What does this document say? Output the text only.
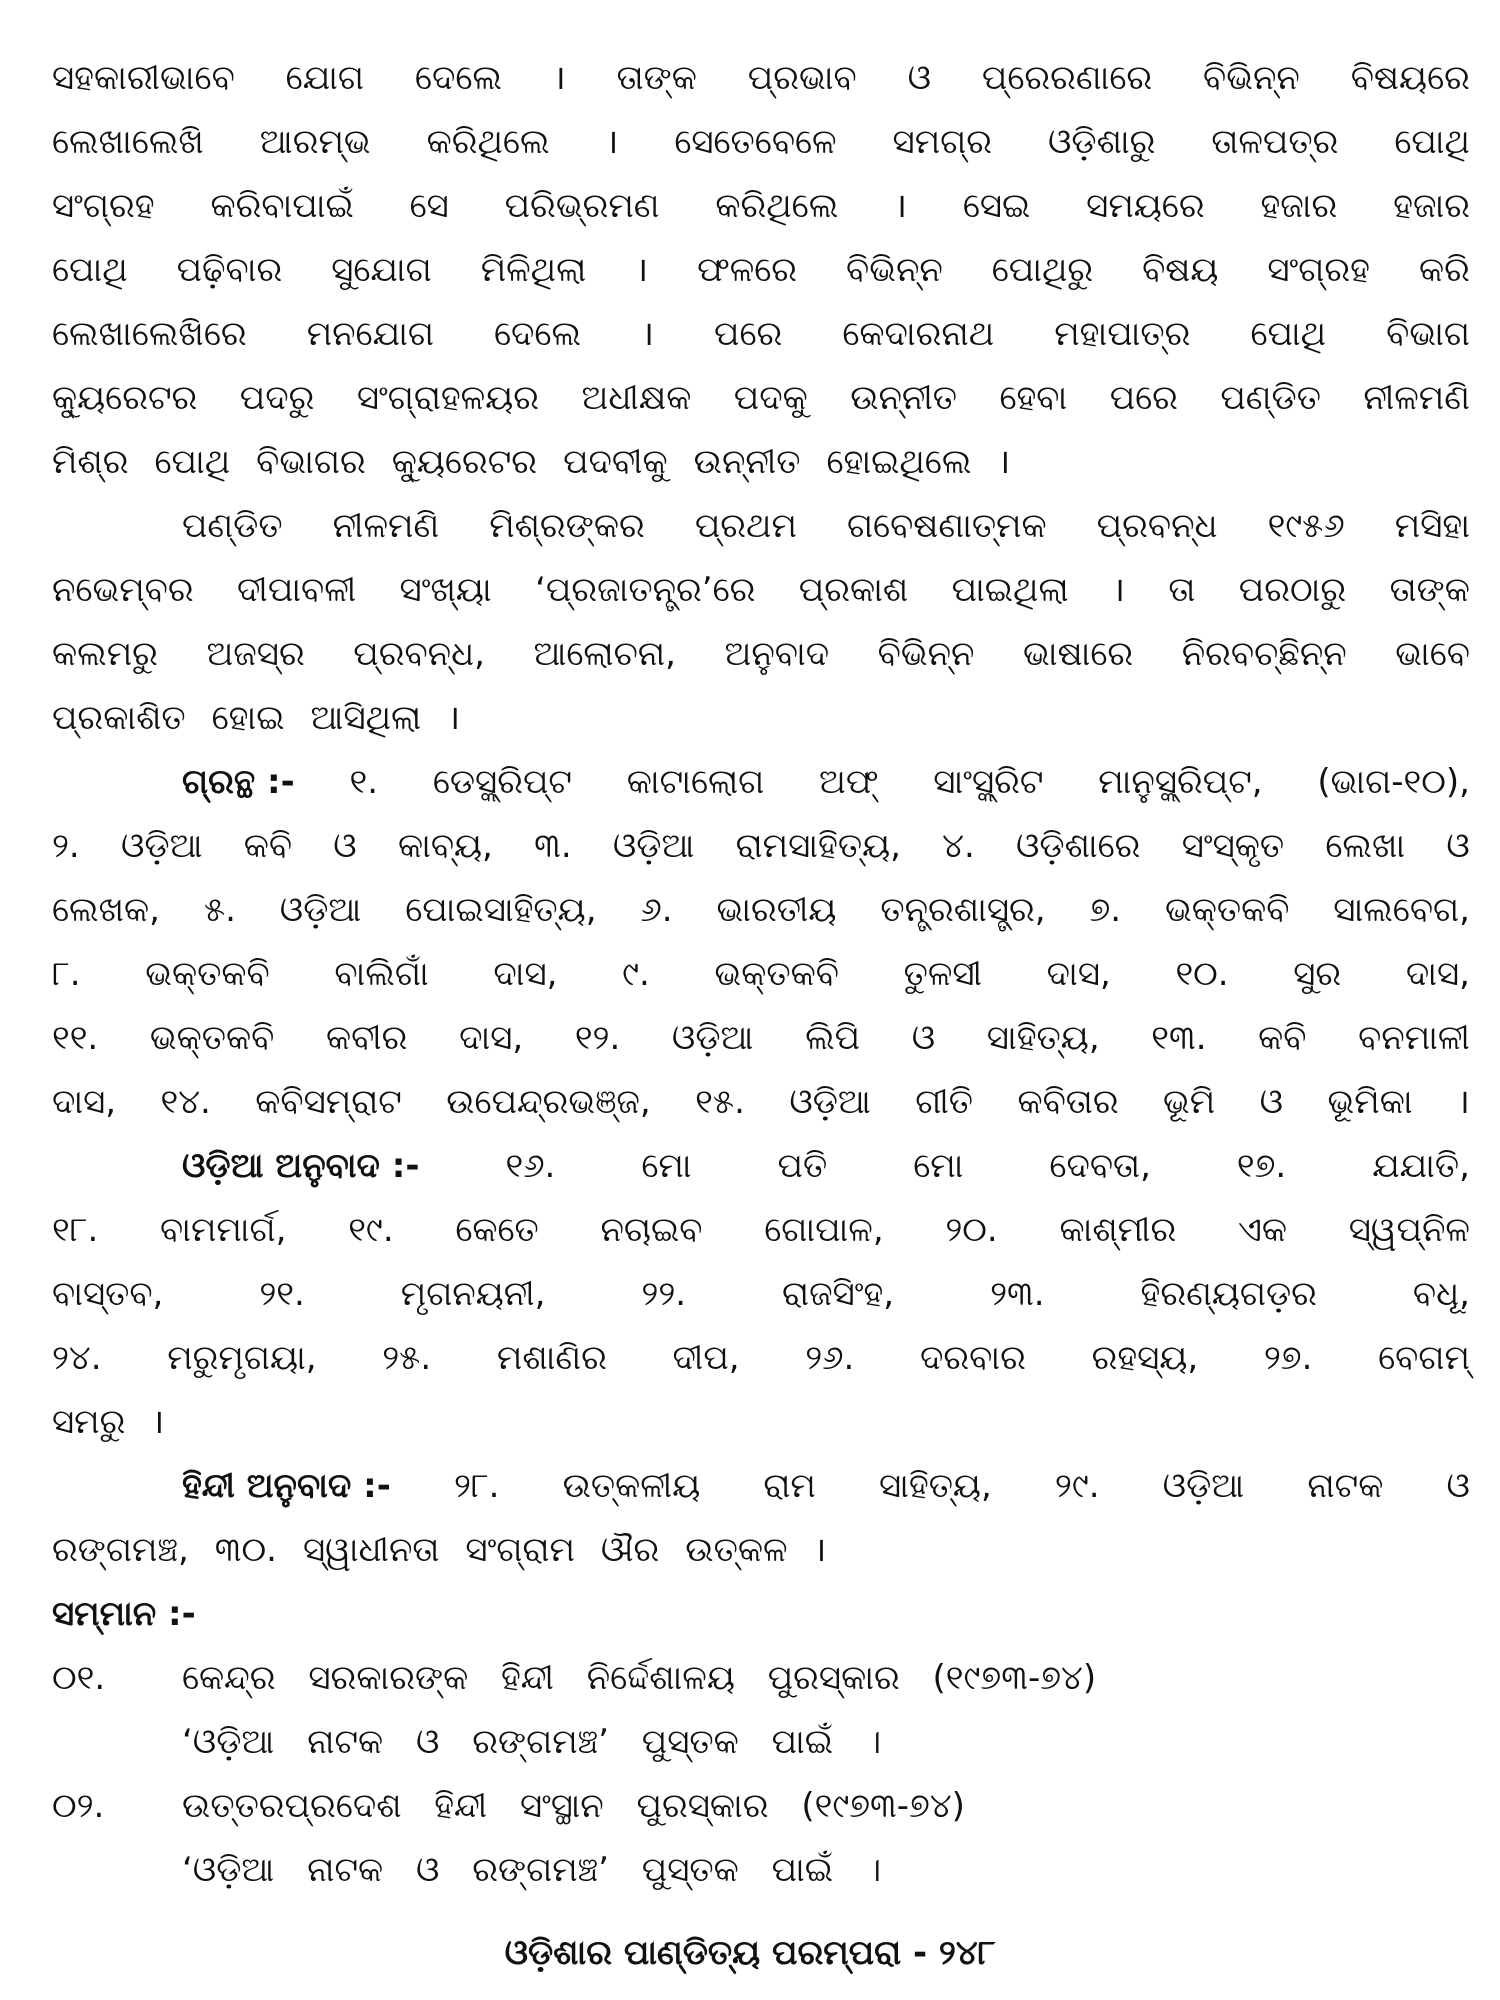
ସହକାରୀଭାବେ ଯୋଗ ଦେଲେ । ତାଙ୍କ ପ୍ରଭାବ ଓ ପ୍ରେରଣାରେ ବିଭିନ୍ନ ବିଷୟରେ
ଲେଖାଲେଖି ଆରମ୍ଭ କରିଥିଲେ । ସେତେବେଳେ ସମଗ୍ର ଓଡ଼ିଶାରୁ ତାଳପତ୍ର ପୋଥି
ସଂଗ୍ରହ କରିବାପାଇଁ ସେ ପରିଭ୍ରମଣ କରିଥିଲେ । ସେଇ ସମୟରେ ହଜାର ହଜାର
ପୋଥି ପଢ଼ିବାର ସୁଯୋଗ ମିଳିଥିଲା । ଫଳରେ ବିଭିନ୍ନ ପୋଥିରୁ ବିଷୟ ସଂଗ୍ରହ କରି
ଲେଖାଲେଖିରେ ମନଯୋଗ ଦେଲେ । ପରେ କେଦାରନାଥ ମହାପାତ୍ର ପୋଥି ବିଭାଗ
କ୍ୟୁରେଟର ପଦରୁ ସଂଗ୍ରାହଳୟର ଅଧୀକ୍ଷକ ପଦକୁ ଉନ୍ନୀତ ହେବା ପରେ ପଣ୍ଡିତ ନୀଳମଣି
ମିଶ୍ର ପୋଥି ବିଭାଗର କ୍ୟୁରେଟର ପଦବୀକୁ ଉନ୍ନୀତ ହୋଇଥିଲେ ।
ପଣ୍ଡିତ ନୀଳମଣି ମିଶ୍ରଙ୍କର ପ୍ରଥମ ଗବେଷଣାତ୍ମକ ପ୍ରବନ୍ଧ ୧୯୫୬ ମସିହା
ନଭେମ୍ବର ଦୀପାବଳୀ ସଂଖ୍ୟା ‘ପ୍ରଜାତନ୍ତ୍ର’ରେ ପ୍ରକାଶ ପାଇଥିଲା । ତା ପରଠାରୁ ତାଙ୍କ
କଲମରୁ ଅଜସ୍ର ପ୍ରବନ୍ଧ, ଆଲୋଚନା, ଅନୁବାଦ ବିଭିନ୍ନ ଭାଷାରେ ନିରବଚ୍ଛିନ୍ନ ଭାବେ
ପ୍ରକାଶିତ ହୋଇ ଆସିଥିଲା ।
ଗ୍ରନ୍ଥ :- ୧. ଡେସ୍କ୍ରିପ୍ଟ କାଟାଲୋଗ ଅଫ୍ ସାଂସ୍କ୍ରିଟ ମାନୁସ୍କ୍ରିପ୍ଟ, (ଭାଗ-୧୦),
୨. ଓଡ଼ିଆ କବି ଓ କାବ୍ୟ, ୩. ଓଡ଼ିଆ ରାମସାହିତ୍ୟ, ୪. ଓଡ଼ିଶାରେ ସଂସ୍କୃତ ଲେଖା ଓ
ଲେଖକ, ୫. ଓଡ଼ିଆ ପୋଇସାହିତ୍ୟ, ୬. ଭାରତୀୟ ତନ୍ତ୍ରଶାସ୍ତ୍ର, ୭. ଭକ୍ତକବି ସାଲବେଗ,
୮. ଭକ୍ତକବି ବାଲିଗାଁ ଦାସ, ୯. ଭକ୍ତକବି ତୁଳସୀ ଦାସ, ୧୦. ସୁର ଦାସ,
୧୧. ଭକ୍ତକବି କବୀର ଦାସ, ୧୨. ଓଡ଼ିଆ ଲିପି ଓ ସାହିତ୍ୟ, ୧୩. କବି ବନମାଳୀ
ଦାସ, ୧୪. କବିସମ୍ରାଟ ଉପେନ୍ଦ୍ରଭଞ୍ଜ, ୧୫. ଓଡ଼ିଆ ଗୀତି କବିତାର ଭୂମି ଓ ଭୂମିକା ।
ଓଡ଼ିଆ ଅନୁବାଦ :-	୧୬.	ମୋ	ପତି	ମୋ	ଦେବତା,	୧୭.	ଯଯାତି,
୧୮. ବାମମାର୍ଗ, ୧୯. କେତେ ନଚାଇବ ଗୋପାଳ, ୨୦. କାଶ୍ମୀର ଏକ ସ୍ୱପ୍ନିଳ
ବାସ୍ତବ,	୨୧.	ମୃଗନୟନୀ,	୨୨.	ରାଜସିଂହ,	୨୩.	ହିରଣ୍ୟଗଡ଼ର	ବଧୂ,
୨୪. ମରୁମୃଗୟା, ୨୫. ମଶାଣିର ଦୀପ, ୨୬. ଦରବାର ରହସ୍ୟ, ୨୭. ବେଗମ୍
ସମରୁ ।
ହିନ୍ଦୀ ଅନୁବାଦ :- ୨୮. ଉତ୍କଳୀୟ ରାମ ସାହିତ୍ୟ, ୨୯. ଓଡ଼ିଆ ନାଟକ ଓ
ରଙ୍ଗମଞ୍ଚ, ୩୦. ସ୍ୱାଧୀନତା ସଂଗ୍ରାମ ଔର ଉତ୍କଳ ।
ସମ୍ମାନ :-
୦୧.	କେନ୍ଦ୍ର ସରକାରଙ୍କ ହିନ୍ଦୀ ନିର୍ଦ୍ଦେଶାଳୟ ପୁରସ୍କାର (୧୯୭୩-୭୪)
‘ଓଡ଼ିଆ ନାଟକ ଓ ରଙ୍ଗମଞ୍ଚ’ ପୁସ୍ତକ ପାଇଁ ।
୦୨.	ଉତ୍ତରପ୍ରଦେଶ ହିନ୍ଦୀ ସଂସ୍ଥାନ ପୁରସ୍କାର (୧୯୭୩-୭୪)
‘ଓଡ଼ିଆ ନାଟକ ଓ ରଙ୍ଗମଞ୍ଚ’ ପୁସ୍ତକ ପାଇଁ ।
ଓଡ଼ିଶାର ପାଣ୍ଡିତ୍ୟ ପରମ୍ପରା - ୨୪୮
